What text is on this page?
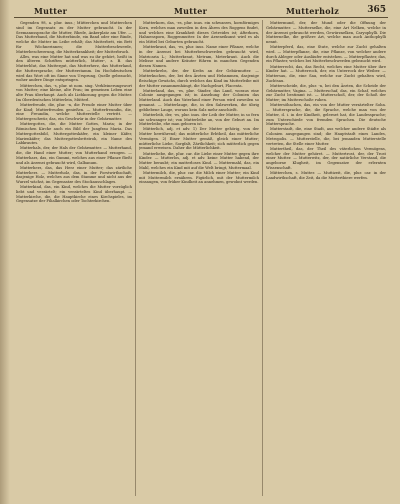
Mutter	Mutter	Mutterholz	365

Gegenden 98, a. plur. inus.; Mütterchen und Mutterchen sind im Gegensatz zu der Mutter gebraucht. In der Seemannssprache die Mutter, Rhede, Ankerplatz am Ufer. — Das Mutterband, die Mutterbinde, ein Band oder eine Binde, welche die Mutter im Leibe erhält; das Mutterbett, ein Bett für Wöchnerinnen; die Mutterbeschwerde, Mutterbeschwerung, die Mutterkrankheit; der Mutterbruch.

Alles, was eine Mutter hat und was zu ihr gehört, heißt in den älteren Schriften mütterlich, Mutter-, z. B. das Mutterblut, das Muttergut, das Mutterherz, das Mutterland, die Muttersprache, der Mutterstamm. Im Hochdeutschen wird das Wort oft im Sinne von Ursprung, Quelle gebraucht, woher andere Dinge entspringen.

Mütterchen, das, -s, plur. ut nom. sing. Verkleinerungswort von Mutter; eine kleine, alte Frau; im gemeinen Leben eine alte Frau überhaupt. Auch als Liebkosung gegen die Mutter. Im Oberdeutschen Mütterlein, Mütterl.

Mutterfreude, die, plur. -n, die Freude einer Mutter über ihr Kind; Mutterfreuden genießen. — Mutterfreundin, die, eine Freundin, welche Mutterstelle vertritt. — Muttergeschwür, das, ein Geschwür in der Gebärmutter.

Muttergottes, die, die Mutter Gottes, Maria; in der Römischen Kirche auch ein Bild der Jungfrau Maria. Das Muttergottesbild, Muttergotteskäfer, ein kleiner Käfer, Marienkäfer; das Muttergottesbettstroh, ein Name des Labkrautes.

Mutterhals, der, der Hals der Gebärmutter. — Mutterhand, die, die Hand einer Mutter; von Mutterhand erzogen. — Mutterharz, das, ein Gummi, welches aus einer Pflanze fließt und als Arzenei gebraucht wird, Galbanum.

Mutterherz, das, das Herz einer Mutter; das zärtliche Mutterherz. — Mutterholz, das, in der Forstwirthschaft, dasjenige Holz, welches aus dem Stamme und nicht aus der Wurzel wächst, im Gegensatze des Stockausschlages.

Mutterkind, das, ein Kind, welches die Mutter vorzüglich liebt und verzärtelt; ein verzärteltes Kind überhaupt. — Mutterkirche, die, die Hauptkirche eines Kirchspieles, im Gegensatze der Filialkirchen oder Tochterkirchen.

Mutterkorn, das, -es, plur. inus. ein schwarzes, hornförmiges Korn, welches man zuweilen in den Ähren des Roggens findet, und welches eine Krankheit dieses Getreides ist; Afterkorn, Hahnensporn, Roggenmutter. In der Arzeneikunst wird es als ein Mittel bei Geburten gebraucht.

Mutterkraut, das, -es, plur. inus. Name einer Pflanze, welche in der Arzenei bei Mutterbeschwerden gebraucht wird, Matricaria L.; Mutterkraut, Metram, Meterkraut. Auch die Melisse und andere Kräuter führen in manchen Gegenden diesen Namen.

Mutterkrebs, der, der Krebs an der Gebärmutter. — Mutterkuchen, der, bei den Ärzten und Hebammen, dasjenige fleischige Gewächs, durch welches das Kind im Mutterleibe mit der Mutter zusammenhängt, die Nachgeburt, Placenta.

Mutterland, das, -es, plur. -länder, das Land, woraus eine Colonie ausgegangen ist; in Ansehung der Colonien das Mutterland. Auch das Vaterland einer Person wird zuweilen so genannt. — Mutterlauge, die, in den Salzwerken, die übrig gebliebene Lauge, woraus kein Salz mehr anschießt.

Mutterleib, der, -es, plur. inus. der Leib der Mutter, in so fern sie schwanger ist; von Mutterleibe an, von der Geburt an. Im Mutterleibe, ehe man geboren ist.

Mütterlich, adj. et adv. 1) Der Mutter gehörig, von der Mutter herrührend; das mütterliche Erbtheil, das mütterliche Vermögen. 2) Einer Mutter gemäß, gleich einer Mutter; mütterliche Liebe, Sorgfalt, Zärtlichkeit; sich mütterlich gegen jemand erweisen. Daher die Mütterlichkeit.

Mutterliebe, die, plur. car. die Liebe einer Mutter gegen ihre Kinder. — Mutterlos, adj. et adv. keine Mutter habend, der Mutter beraubt; ein mutterloses Kind. — Muttermahl, das, ein Mahl, welches ein Kind mit auf die Welt bringt, Muttermaal.

Muttermilch, die, plur. car. die Milch einer Mutter; ein Kind mit Muttermilch ernähren. Figürlich, mit der Muttermilch einsaugen, von früher Kindheit an annehmen, gewohnt werden.

Muttermund, der, der Mund oder die Öffnung der Gebärmutter. — Mutternelke, die, eine Art Nelken, welche in der Arzenei gebraucht werden, Gewürznelken, Caryophylli. Die Mutternelke, die größere Art, welche man auch Anthophylli nennt.

Mutterpferd, das, eine Stute, welche zur Zucht gehalten wird. — Mutterpflanze, die, eine Pflanze, von welcher andere durch Ableger oder Ausläufer entstehen. — Mutterpflaster, das, ein Pflaster, welches bei Mutterbeschwerden gebraucht wird.

Mutterrecht, das, das Recht, welches eine Mutter über ihre Kinder hat. — Mutterrock, der, ein Unterrock der Weiber. — Muttersau, die, eine Sau, welche zur Zucht gehalten wird, Zuchtsau.

Mutterscheide, die, plur. -n, bei den Ärzten, die Scheide der Gebärmutter, Vagina. — Mutterschaf, das, ein Schaf, welches zur Zucht bestimmt ist. — Mutterschoß, der, der Schoß der Mutter; im Mutterschoße ruhen.

Muttersöhnchen, das, ein von der Mutter verzärtelter Sohn. — Muttersprache, die, die Sprache, welche man von der Mutter, d. i. in der Kindheit, gelernet hat, die Landessprache; zum Unterschiede von fremden Sprachen. Die deutsche Muttersprache.

Mutterstadt, die, eine Stadt, aus welcher andere Städte als Colonien ausgegangen sind; die Hauptstadt eines Landes, Metropolis. — Mutterstelle, die, bei jemanden Mutterstelle vertreten, die Stelle einer Mutter.

Muttertheil, das, der Theil des väterlichen Vermögens, welcher der Mutter gehöret. — Muttertrost, der, der Trost einer Mutter. — Mutterwitz, der, der natürliche Verstand, die angeborne Klugheit, im Gegensatze der erlernten Wissenschaft.

Mütterchen, s. Mutter. — Muttizeit, die, plur. car. in der Landwirthschaft, die Zeit, da die Mutterthiere werfen.
